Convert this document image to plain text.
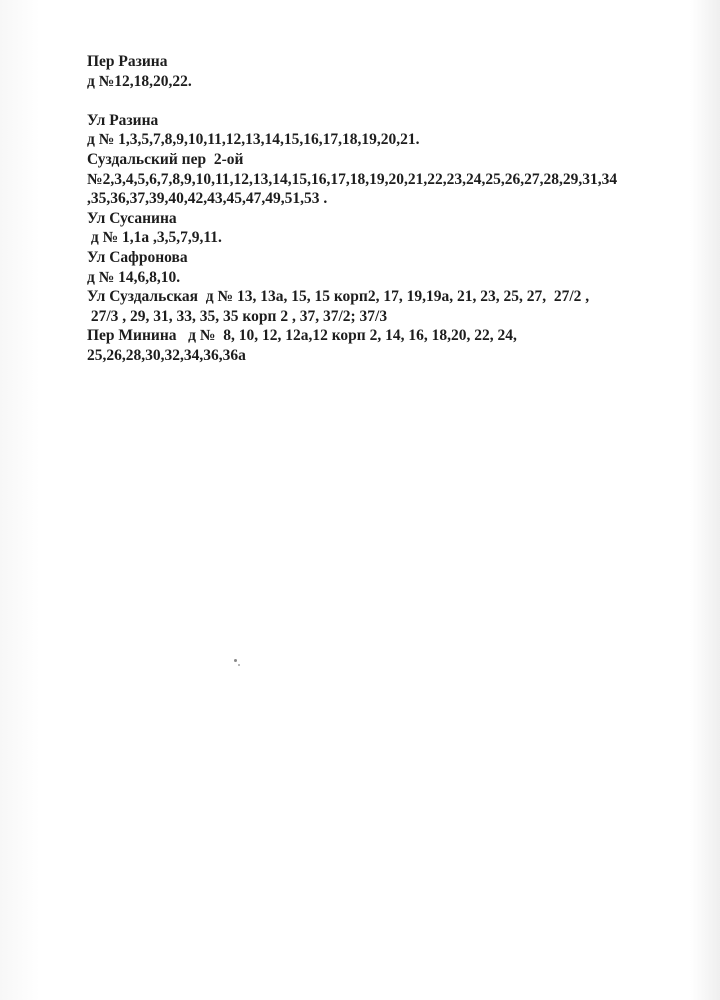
Пер Разина
д №12,18,20,22.
Ул Разина
д № 1,3,5,7,8,9,10,11,12,13,14,15,16,17,18,19,20,21.
Суздальский пер  2-ой
№2,3,4,5,6,7,8,9,10,11,12,13,14,15,16,17,18,19,20,21,22,23,24,25,26,27,28,29,31,34
,35,36,37,39,40,42,43,45,47,49,51,53 .
Ул Сусанина
д № 1,1а ,3,5,7,9,11.
Ул Сафронова
д № 14,6,8,10.
Ул Суздальская  д № 13, 13а, 15, 15 корп2, 17, 19,19а, 21, 23, 25, 27,  27/2 ,
27/3 , 29, 31, 33, 35, 35 корп 2 , 37, 37/2; 37/3
Пер Минина   д №  8, 10, 12, 12а,12 корп 2, 14, 16, 18,20, 22, 24,
25,26,28,30,32,34,36,36а
